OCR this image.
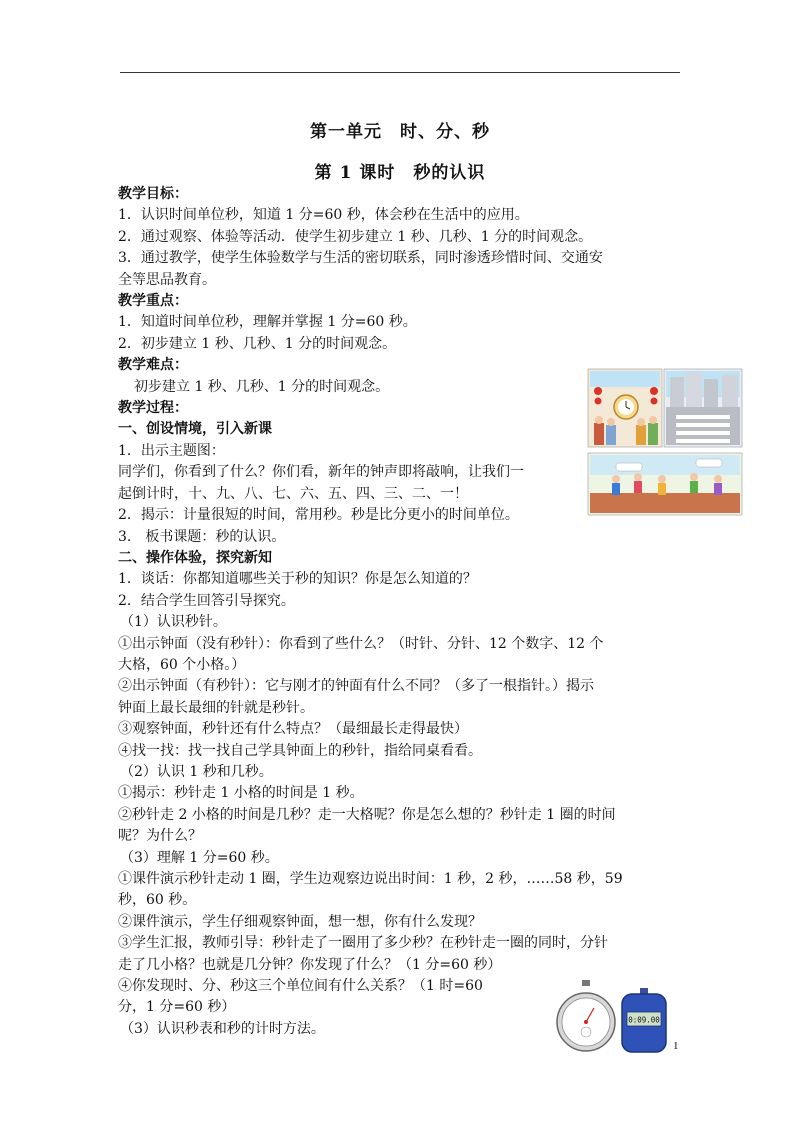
第一单元　时、分、秒
第 1 课时　秒的认识

教学目标：

1．认识时间单位秒，知道 1 分=60 秒，体会秒在生活中的应用。

2．通过观察、体验等活动．使学生初步建立 1 秒、几秒、1 分的时间观念。

3．通过教学，使学生体验数学与生活的密切联系，同时渗透珍惜时间、交通安

全等思品教育。

教学重点：

1．知道时间单位秒，理解并掌握 1 分=60 秒。

2．初步建立 1 秒、几秒、1 分的时间观念。

教学难点：

初步建立 1 秒、几秒、1 分的时间观念。

教学过程：

一、创设情境，引入新课

1．出示主题图：

同学们，你看到了什么？你们看，新年的钟声即将敲响，让我们一

起倒计时，十、九、八、七、六、五、四、三、二、一！

2．揭示：计量很短的时间，常用秒。秒是比分更小的时间单位。

3.　板书课题：秒的认识。

二、操作体验，探究新知

1．谈话：你都知道哪些关于秒的知识？你是怎么知道的？

2．结合学生回答引导探究。

（1）认识秒针。

①出示钟面（没有秒针）：你看到了些什么？（时针、分针、12 个数字、12 个

大格，60 个小格。）

②出示钟面（有秒针）：它与刚才的钟面有什么不同？（多了一根指针。）揭示

钟面上最长最细的针就是秒针。

③观察钟面，秒针还有什么特点？（最细最长走得最快）

④找一找：找一找自己学具钟面上的秒针，指给同桌看看。

（2）认识 1 秒和几秒。

①揭示：秒针走 1 小格的时间是 1 秒。

②秒针走 2 小格的时间是几秒？走一大格呢？你是怎么想的？秒针走 1 圈的时间

呢？为什么？

（3）理解 1 分=60 秒。

①课件演示秒针走动 1 圈，学生边观察边说出时间：1 秒，2 秒，……58 秒，59

秒，60 秒。

②课件演示，学生仔细观察钟面，想一想，你有什么发现？

③学生汇报，教师引导：秒针走了一圈用了多少秒？在秒针走一圈的同时，分针

走了几小格？也就是几分钟？你发现了什么？（1 分=60 秒）

④你发现时、分、秒这三个单位间有什么关系？（1 时=60

分，1 分=60 秒）

（3）认识秒表和秒的计时方法。

0:09.00
1
